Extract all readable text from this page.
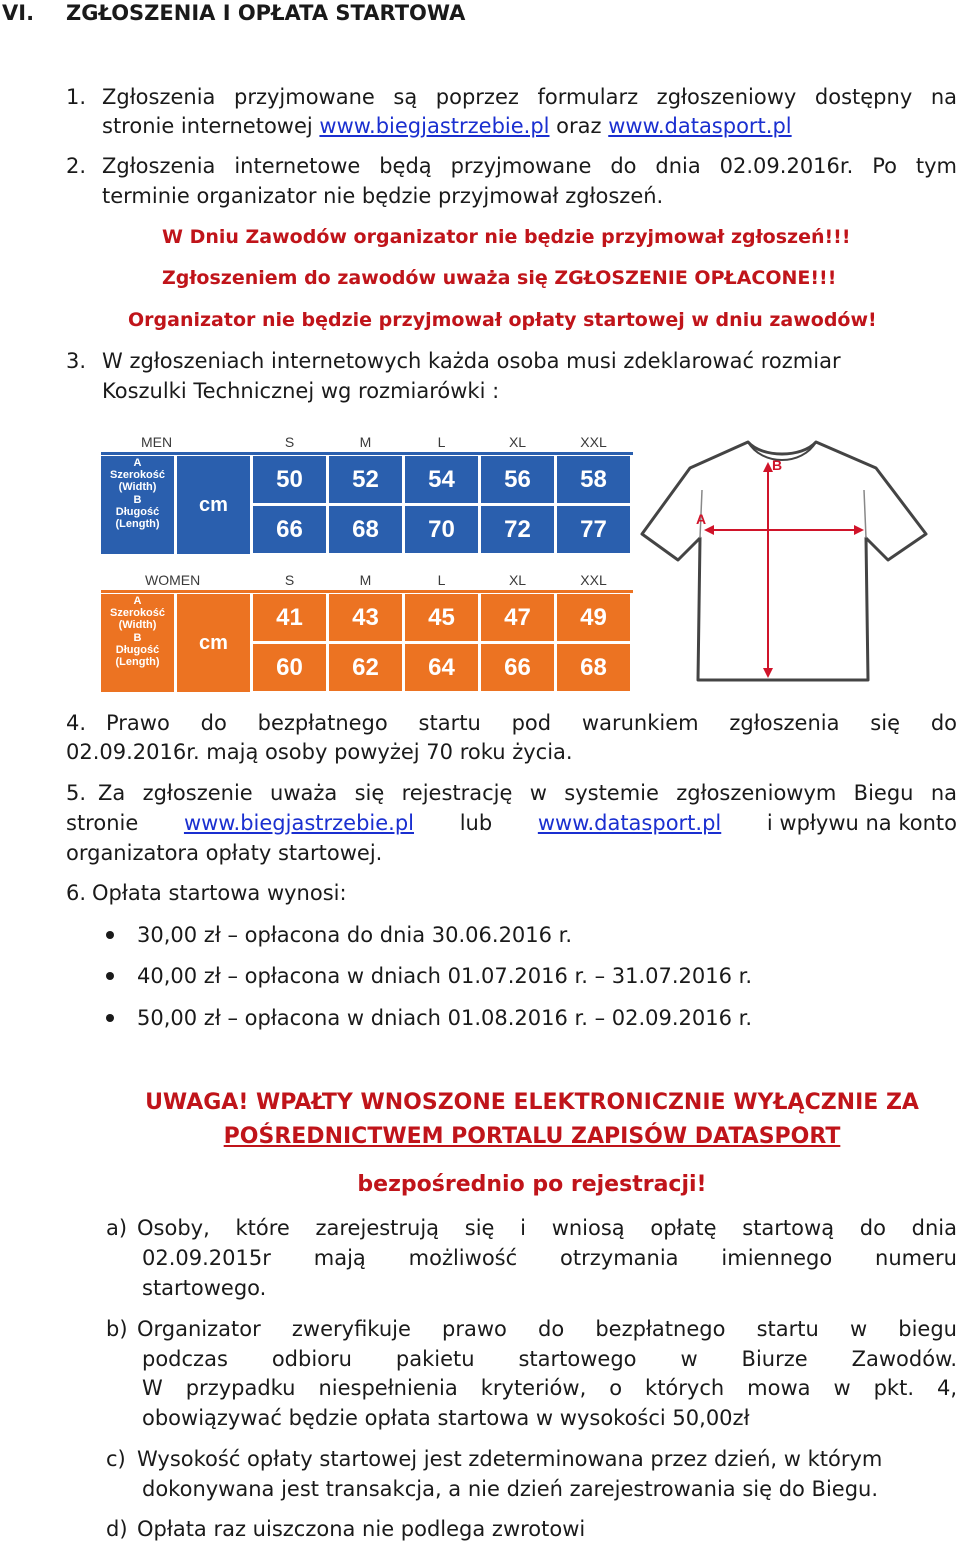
VI. ZGŁOSZENIA I OPŁATA STARTOWA
1. Zgłoszenia przyjmowane są poprzez formularz zgłoszeniowy dostępny na
stronie internetowej www.biegjastrzebie.pl oraz www.datasport.pl
2. Zgłoszenia internetowe będą przyjmowane do dnia 02.09.2016r. Po tym
terminie organizator nie będzie przyjmował zgłoszeń.
W Dniu Zawodów organizator nie będzie przyjmował zgłoszeń!!!
Zgłoszeniem do zawodów uważa się ZGŁOSZENIE OPŁACONE!!!
Organizator nie będzie przyjmował opłaty startowej w dniu zawodów!
3. W zgłoszeniach internetowych każda osoba musi zdeklarować rozmiar
Koszulki Technicznej wg rozmiarówki :
MEN	S	M	L	XL	XXL
A
Szerokość
(Width)
B
Długość
(Length)
cm
50	52	54	56	58
66	68	70	72	77
WOMEN	S	M	L	XL	XXL
A
Szerokość
(Width)
B
Długość
(Length)
cm
41	43	45	47	49
60	62	64	66	68
A
B
4. Prawo do bezpłatnego startu pod warunkiem zgłoszenia się do
02.09.2016r. mają osoby powyżej 70 roku życia.
5. Za zgłoszenie uważa się rejestrację w systemie zgłoszeniowym Biegu na
stronie www.biegjastrzebie.pl lub www.datasport.pl i wpływu na konto
organizatora opłaty startowej.
6. Opłata startowa wynosi:
30,00 zł – opłacona do dnia 30.06.2016 r.
40,00 zł – opłacona w dniach 01.07.2016 r. – 31.07.2016 r.
50,00 zł – opłacona w dniach 01.08.2016 r. – 02.09.2016 r.
UWAGA! WPAŁTY WNOSZONE ELEKTRONICZNIE WYŁĄCZNIE ZA
POŚREDNICTWEM PORTALU ZAPISÓW DATASPORT
bezpośrednio po rejestracji!
a) Osoby, które zarejestrują się i wniosą opłatę startową do dnia
02.09.2015r mają możliwość otrzymania imiennego numeru
startowego.
b) Organizator zweryfikuje prawo do bezpłatnego startu w biegu
podczas odbioru pakietu startowego w Biurze Zawodów.
W przypadku niespełnienia kryteriów, o których mowa w pkt. 4,
obowiązywać będzie opłata startowa w wysokości 50,00zł
c) Wysokość opłaty startowej jest zdeterminowana przez dzień, w którym
dokonywana jest transakcja, a nie dzień zarejestrowania się do Biegu.
d) Opłata raz uiszczona nie podlega zwrotowi
